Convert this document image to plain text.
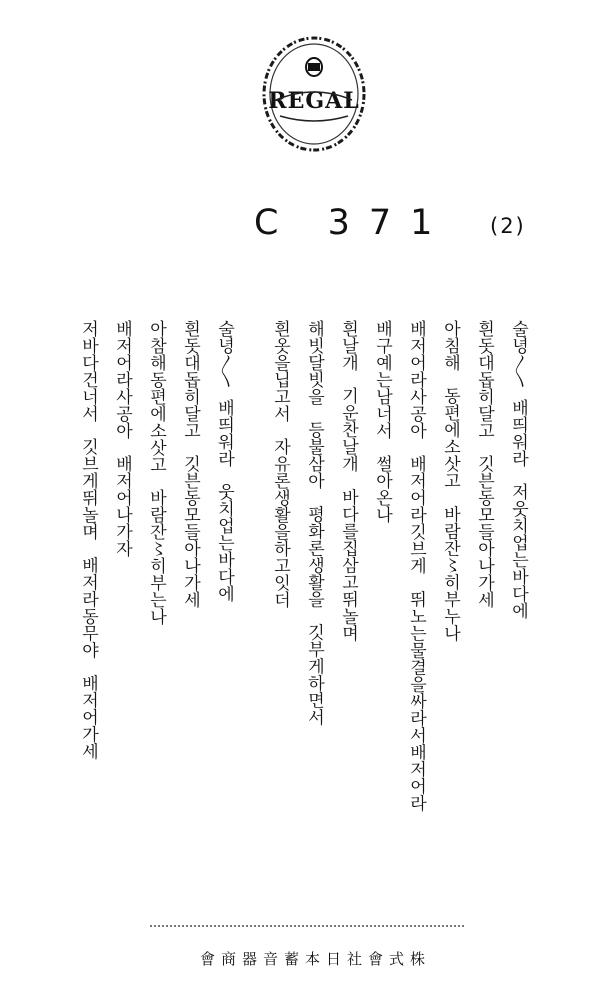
REGAL
C 371 (2)
술녕〳〵  배띄워라   저웃치업는바다에
흰돗대돕히달고   깃븐동모들아나가세
아침해   동편에소삿고   바람잔〻히부누나
배저어라사공아   배저어라깃브게   뛰노는물결을싸라서배저어라
배구예는남너서   썰아온나
흰날개   기운찬날개   바다를집삼고뛰놀며
해빗달빗을   등불삼아   평화론생활을   깃부게하면서
흰옷을닙고서   자유론생활을하고잇더
술녕〳〵  배띄워라   웃치업는바다에
흰돗대돕히달고   깃븐동모들아나가세
아참해동편에소삿고   바람잔〻히부는나
배저어라사공아   배저어나가자
저바다건너서   깃브게뛰놀며   배저라동무야   배저어가세
會商器音蓄本日社會式株
